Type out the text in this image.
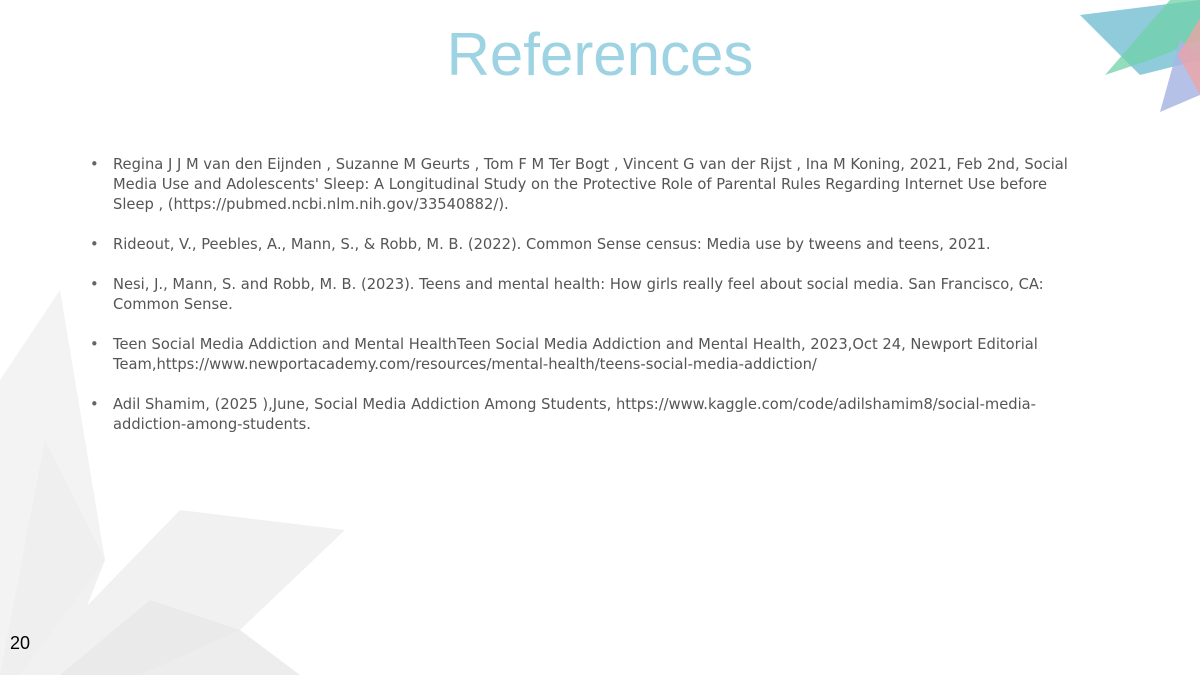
References
• Regina J J M van den Eijnden , Suzanne M Geurts , Tom F M Ter Bogt , Vincent G van der Rijst , Ina M Koning, 2021, Feb 2nd, Social Media Use and Adolescents' Sleep: A Longitudinal Study on the Protective Role of Parental Rules Regarding Internet Use before Sleep , (https://pubmed.ncbi.nlm.nih.gov/33540882/).
• Rideout, V., Peebles, A., Mann, S., & Robb, M. B. (2022). Common Sense census: Media use by tweens and teens, 2021.
• Nesi, J., Mann, S. and Robb, M. B. (2023). Teens and mental health: How girls really feel about social media. San Francisco, CA: Common Sense.
• Teen Social Media Addiction and Mental HealthTeen Social Media Addiction and Mental Health, 2023,Oct 24, Newport Editorial Team,https://www.newportacademy.com/resources/mental-health/teens-social-media-addiction/
• Adil Shamim, (2025 ),June, Social Media Addiction Among Students, https://www.kaggle.com/code/adilshamim8/social-media-addiction-among-students.
20
